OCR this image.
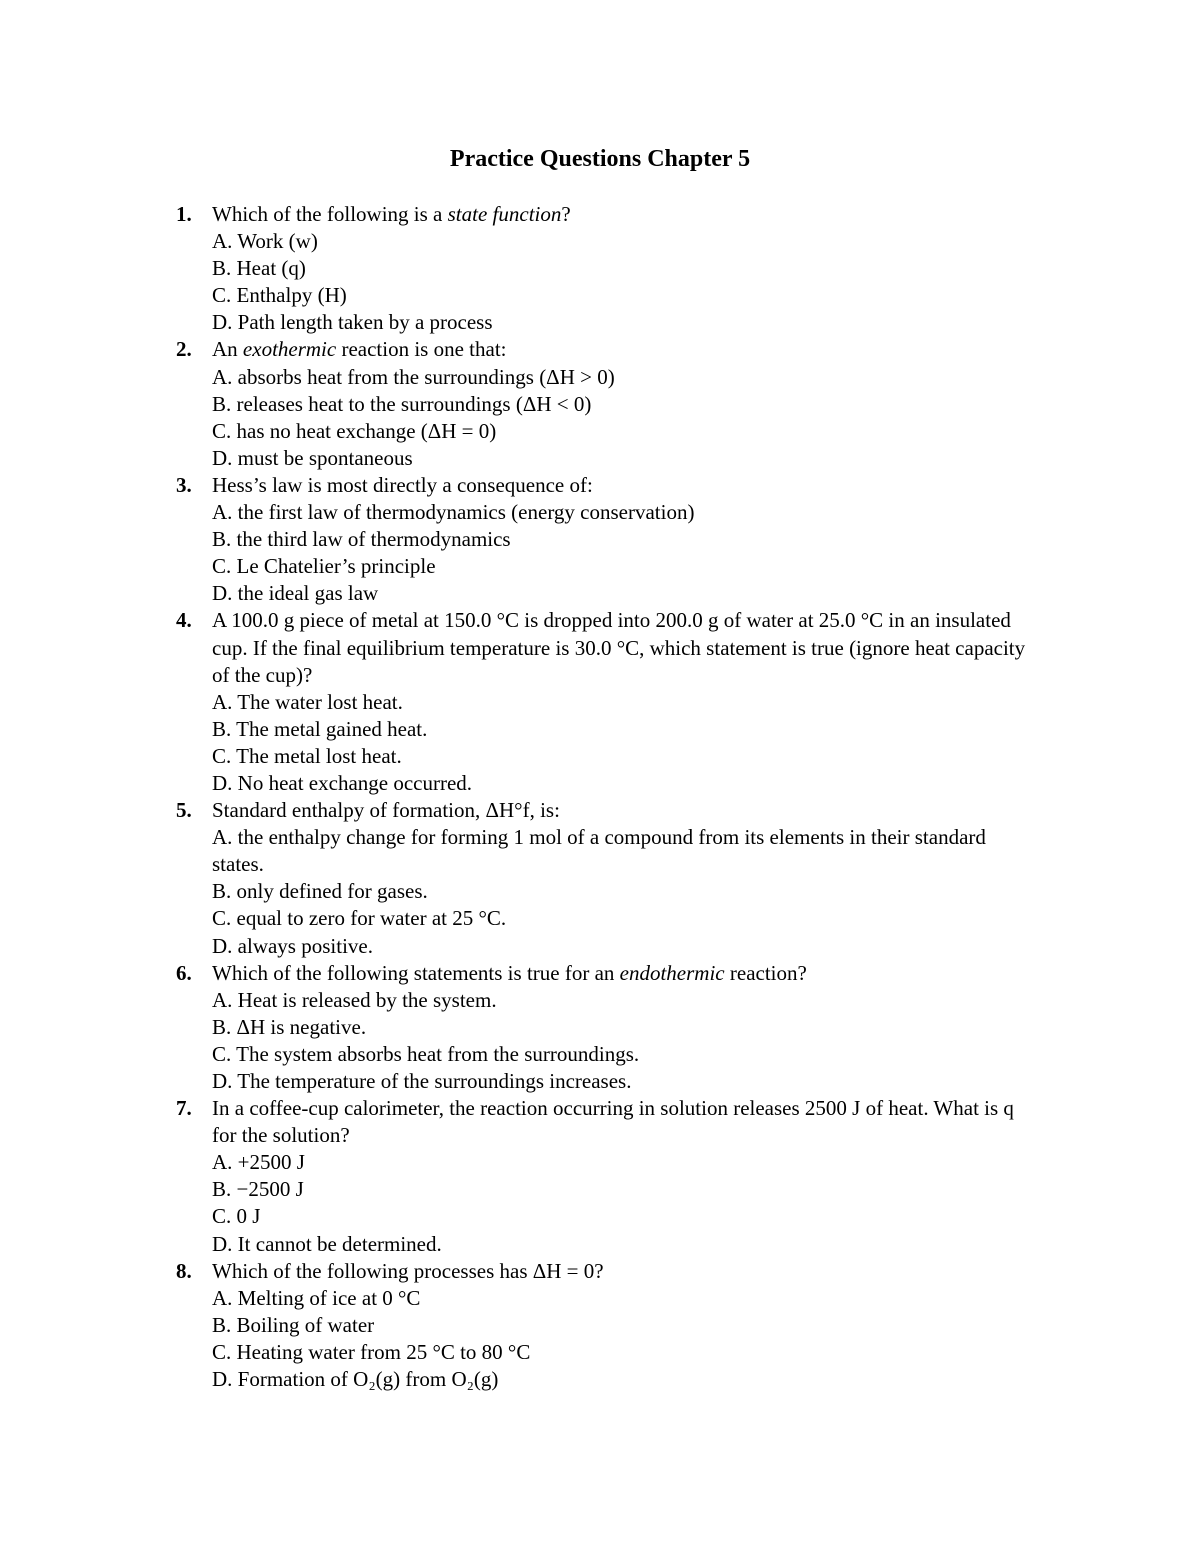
Practice Questions Chapter 5
1. Which of the following is a state function?
A. Work (w)
B. Heat (q)
C. Enthalpy (H)
D. Path length taken by a process
2. An exothermic reaction is one that:
A. absorbs heat from the surroundings (ΔH > 0)
B. releases heat to the surroundings (ΔH < 0)
C. has no heat exchange (ΔH = 0)
D. must be spontaneous
3. Hess’s law is most directly a consequence of:
A. the first law of thermodynamics (energy conservation)
B. the third law of thermodynamics
C. Le Chatelier’s principle
D. the ideal gas law
4. A 100.0 g piece of metal at 150.0 °C is dropped into 200.0 g of water at 25.0 °C in an insulated cup. If the final equilibrium temperature is 30.0 °C, which statement is true (ignore heat capacity of the cup)?
A. The water lost heat.
B. The metal gained heat.
C. The metal lost heat.
D. No heat exchange occurred.
5. Standard enthalpy of formation, ΔH°f, is:
A. the enthalpy change for forming 1 mol of a compound from its elements in their standard states.
B. only defined for gases.
C. equal to zero for water at 25 °C.
D. always positive.
6. Which of the following statements is true for an endothermic reaction?
A. Heat is released by the system.
B. ΔH is negative.
C. The system absorbs heat from the surroundings.
D. The temperature of the surroundings increases.
7. In a coffee-cup calorimeter, the reaction occurring in solution releases 2500 J of heat. What is q for the solution?
A. +2500 J
B. −2500 J
C. 0 J
D. It cannot be determined.
8. Which of the following processes has ΔH = 0?
A. Melting of ice at 0 °C
B. Boiling of water
C. Heating water from 25 °C to 80 °C
D. Formation of O₂(g) from O₂(g)
